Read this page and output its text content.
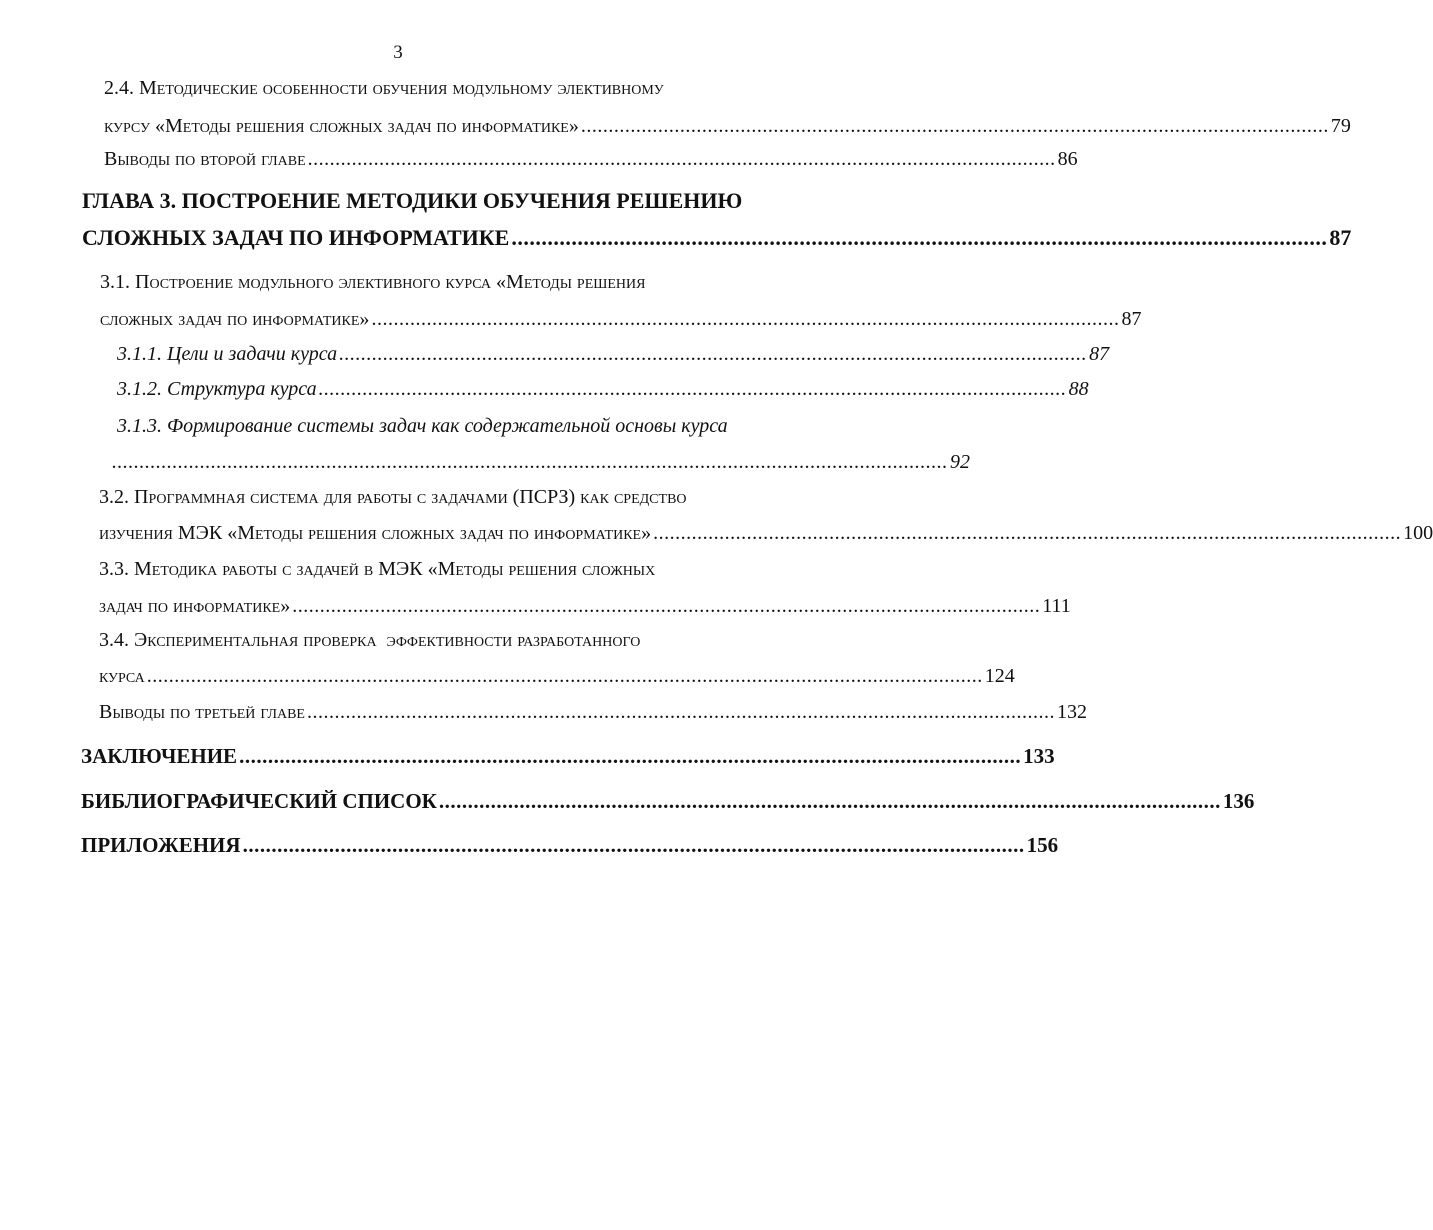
3
2.4. Методические особенности обучения модульному элективному
курсу «Методы решения сложных задач по информатике» ........................................................................................................................................ 79
Выводы по второй главе ........................................................................................................................................ 86
ГЛАВА 3. ПОСТРОЕНИЕ МЕТОДИКИ ОБУЧЕНИЯ РЕШЕНИЮ
СЛОЖНЫХ ЗАДАЧ ПО ИНФОРМАТИКЕ ........................................................................................................................................ 87
3.1. Построение модульного элективного курса «Методы решения
сложных задач по информатике» ........................................................................................................................................ 87
3.1.1. Цели и задачи курса ........................................................................................................................................ 87
3.1.2. Структура курса ........................................................................................................................................ 88
3.1.3. Формирование системы задач как содержательной основы курса
........................................................................................................................................................ 92
3.2. Программная система для работы с задачами (ПСРЗ) как средство
изучения МЭК «Методы решения сложных задач по информатике» ........................................................................................................................................ 100
3.3. Методика работы с задачей в МЭК «Методы решения сложных
задач по информатике» ........................................................................................................................................ 111
3.4. Экспериментальная проверка  эффективности разработанного
курса ........................................................................................................................................................ 124
Выводы по третьей главе ........................................................................................................................................ 132
ЗАКЛЮЧЕНИЕ ........................................................................................................................................ 133
БИБЛИОГРАФИЧЕСКИЙ СПИСОК ........................................................................................................................................ 136
ПРИЛОЖЕНИЯ ........................................................................................................................................ 156
